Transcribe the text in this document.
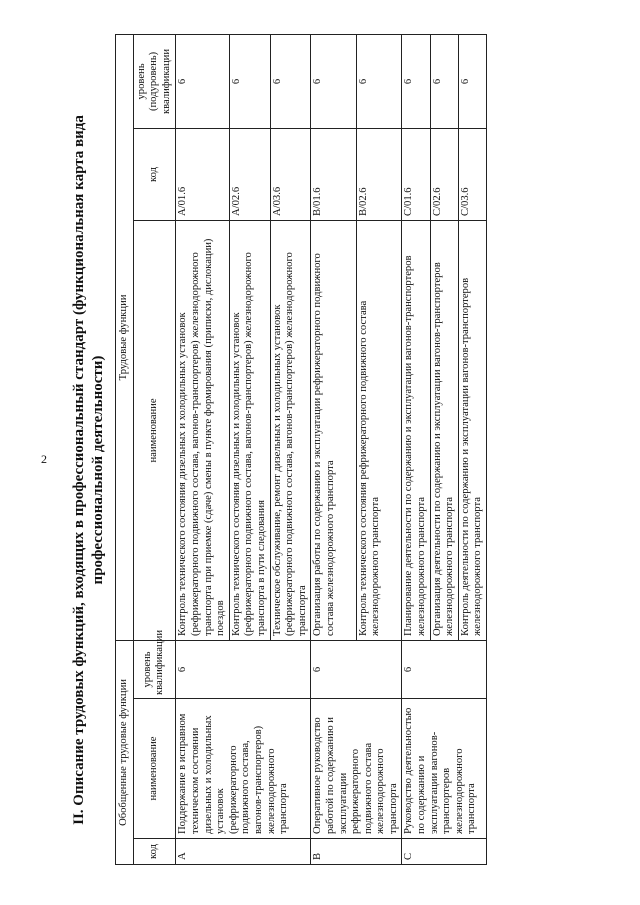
2	II. Описание трудовых функций, входящих в профессиональный стандарт (функциональная карта вида профессиональной деятельности)
Обобщенные трудовые функции			Трудовые функции		
код	наименование	уровень квалификации	наименование	код	уровень (подуровень) квалификации
A	Поддержание в исправном техническом состоянии дизельных и холодильных установок (рефрижераторного подвижного состава, вагонов-транспортеров) железнодорожного транспорта	6	Контроль технического состояния дизельных и холодильных установок (рефрижераторного подвижного состава, вагонов-транспортеров) железнодорожного транспорта при приемке (сдаче) смены в пункте формирования (приписки, дислокации) поездов	A/01.6	6
			Контроль технического состояния дизельных и холодильных установок (рефрижераторного подвижного состава, вагонов-транспортеров) железнодорожного транспорта в пути следования	A/02.6	6
			Техническое обслуживание, ремонт дизельных и холодильных установок (рефрижераторного подвижного состава, вагонов-транспортеров) железнодорожного транспорта	A/03.6	6
B	Оперативное руководство работой по содержанию и эксплуатации рефрижераторного подвижного состава железнодорожного транспорта	6	Организация работы по содержанию и эксплуатации рефрижераторного подвижного состава железнодорожного транспорта	B/01.6	6
			Контроль технического состояния рефрижераторного подвижного состава железнодорожного транспорта	B/02.6	6
C	Руководство деятельностью по содержанию и эксплуатации вагонов-транспортеров железнодорожного транспорта	6	Планирование деятельности по содержанию и эксплуатации вагонов-транспортеров железнодорожного транспорта	C/01.6	6
			Организация деятельности по содержанию и эксплуатации вагонов-транспортеров железнодорожного транспорта	C/02.6	6
			Контроль деятельности по содержанию и эксплуатации вагонов-транспортеров железнодорожного транспорта	C/03.6	6
